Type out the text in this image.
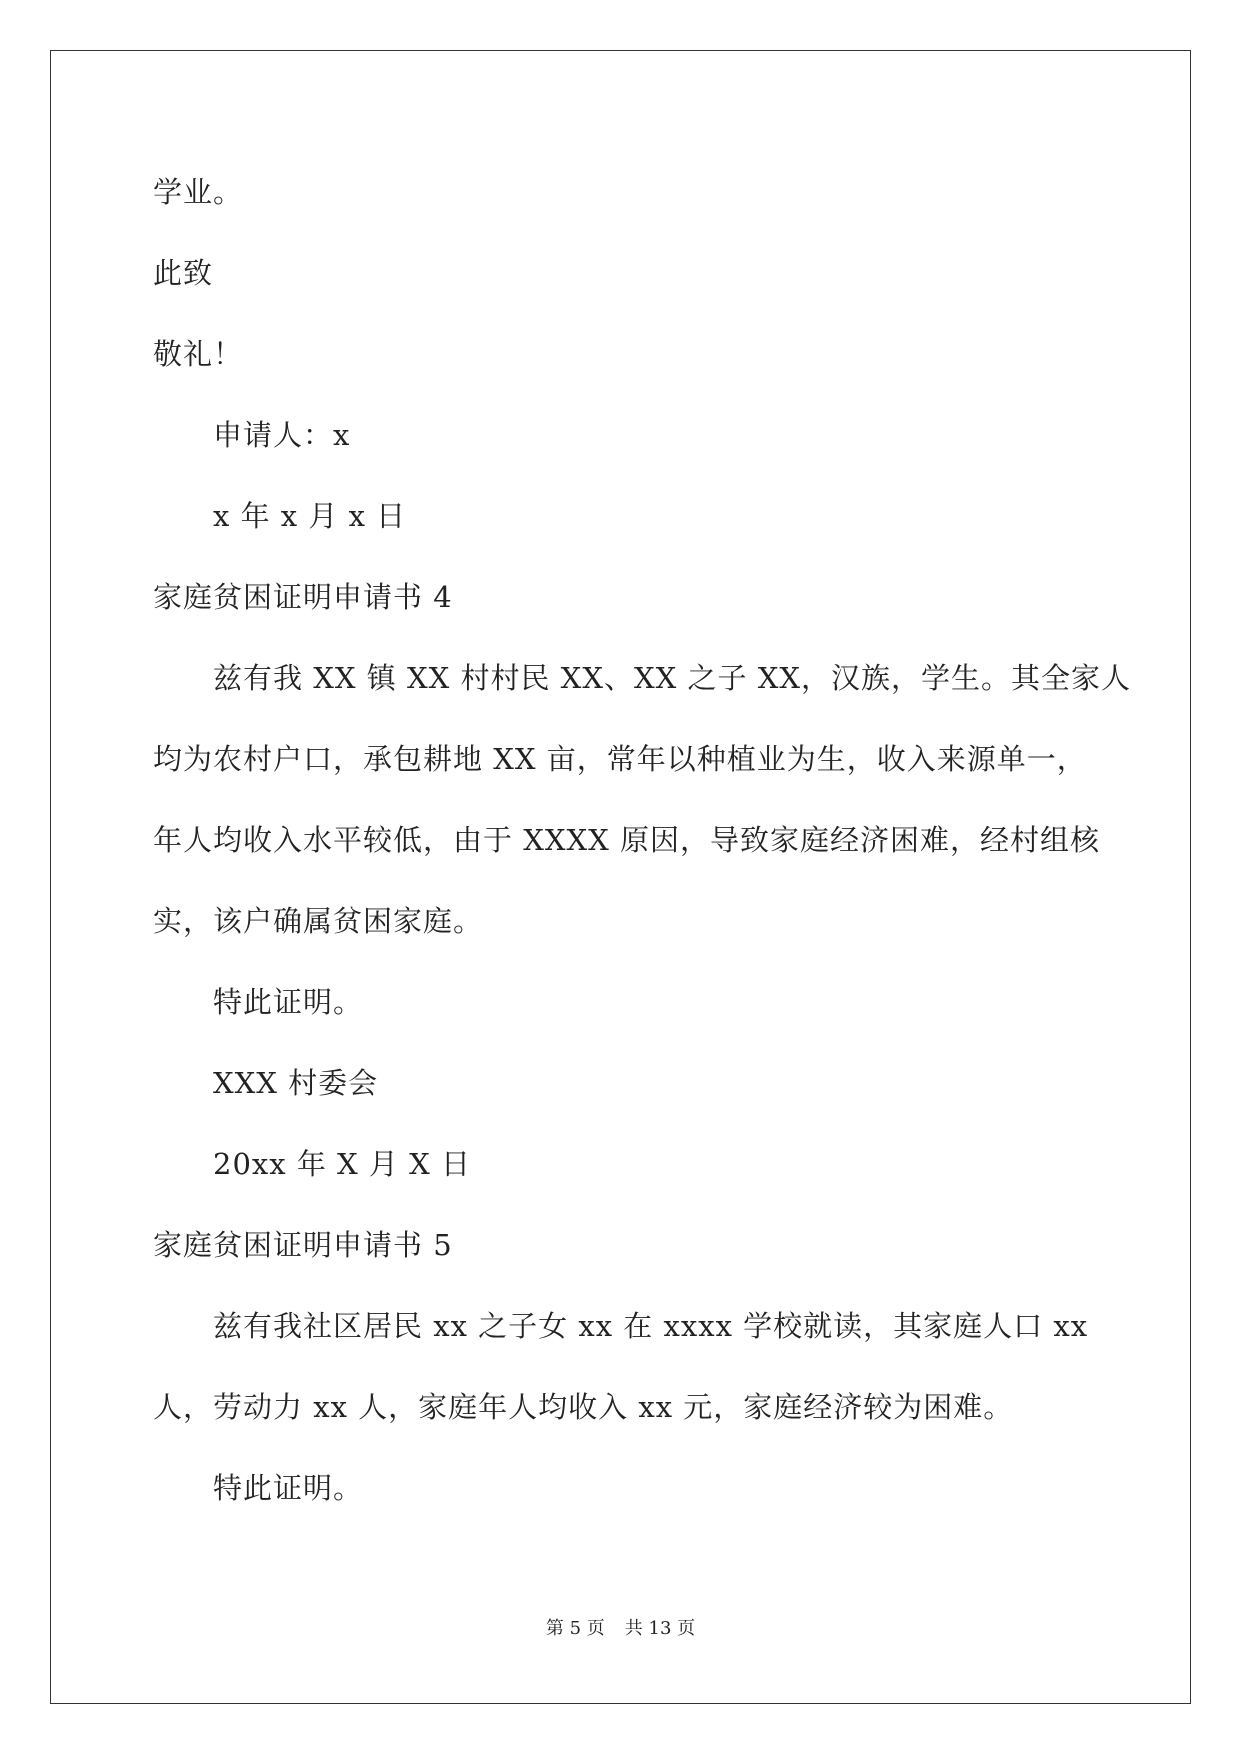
学业。
此致
敬礼！
申请人：x
x 年 x 月 x 日
家庭贫困证明申请书 4
兹有我 XX 镇 XX 村村民 XX、XX 之子 XX，汉族，学生。其全家人
均为农村户口，承包耕地 XX 亩，常年以种植业为生，收入来源单一，
年人均收入水平较低，由于 XXXX 原因，导致家庭经济困难，经村组核
实，该户确属贫困家庭。
特此证明。
XXX 村委会
20xx 年 X 月 X 日
家庭贫困证明申请书 5
兹有我社区居民 xx 之子女 xx 在 xxxx 学校就读，其家庭人口 xx
人，劳动力 xx 人，家庭年人均收入 xx 元，家庭经济较为困难。
特此证明。
第 5 页 共 13 页
